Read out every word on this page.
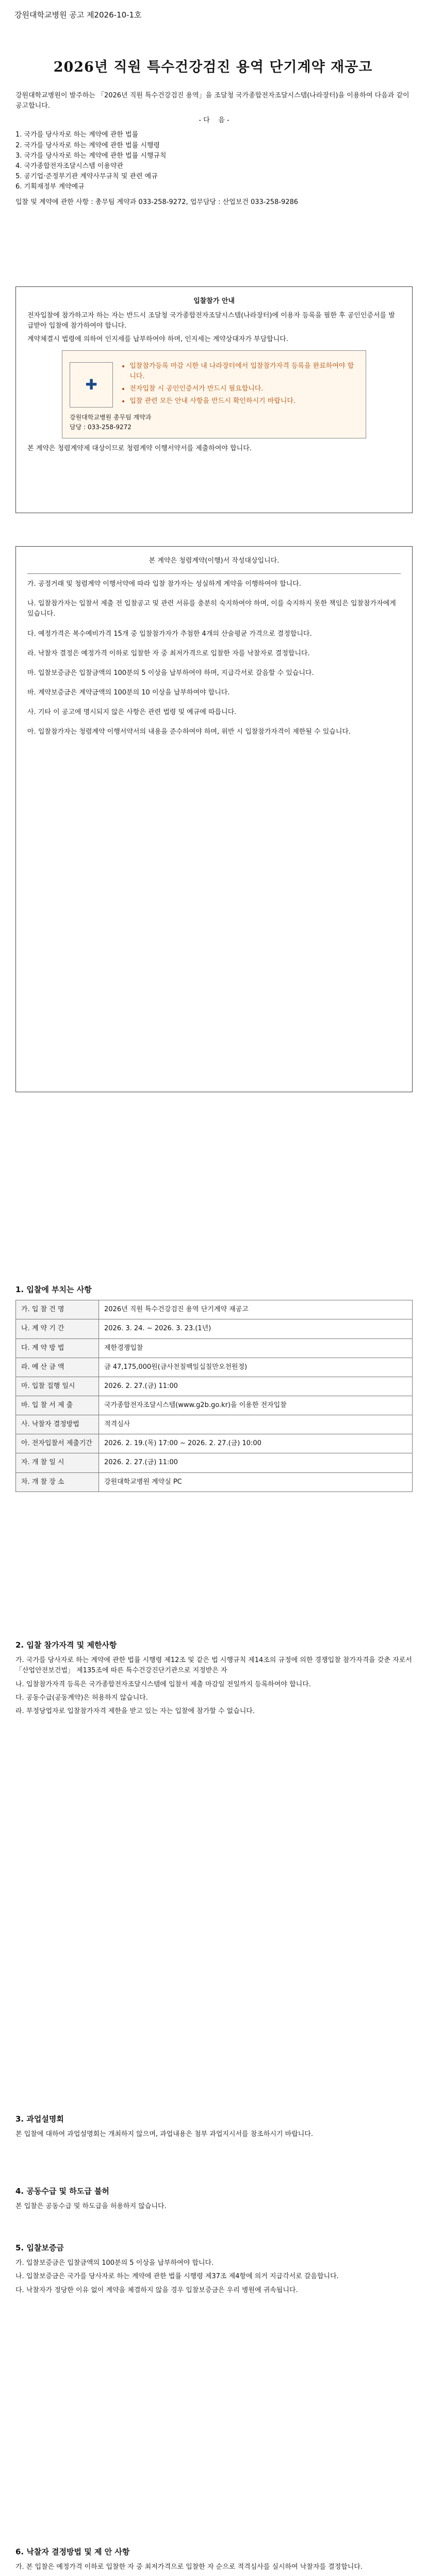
강원대학교병원 공고 제2026-10-1호
2026년 직원 특수건강검진 용역 단기계약 재공고

강원대학교병원이 발주하는 「2026년 직원 특수건강검진 용역」을 조달청 국가종합전자조달시스템(나라장터)을 이용하여 다음과 같이 공고합니다.

- 다    음 -
1. 국가를 당사자로 하는 계약에 관한 법률
2. 국가를 당사자로 하는 계약에 관한 법률 시행령
3. 국가를 당사자로 하는 계약에 관한 법률 시행규칙
4. 국가종합전자조달시스템 이용약관
5. 공기업·준정부기관 계약사무규칙 및 관련 예규
6. 기획재정부 계약예규

입찰 및 계약에 관한 사항 : 총무팀 계약과 033-258-9272, 업무담당 : 산업보건 033-258-9286

입찰참가 안내

전자입찰에 참가하고자 하는 자는 반드시 조달청 국가종합전자조달시스템(나라장터)에 이용자 등록을 필한 후 공인인증서를 발급받아 입찰에 참가하여야 합니다.

계약체결시 법령에 의하여 인지세를 납부하여야 하며, 인지세는 계약상대자가 부담합니다.

✚
• 입찰참가등록 마감 시한 내 나라장터에서 입찰참가자격 등록을 완료하여야 합니다.
• 전자입찰 시 공인인증서가 반드시 필요합니다.
• 입찰 관련 모든 안내 사항을 반드시 확인하시기 바랍니다.
강원대학교병원 총무팀 계약과
담당 : 033-258-9272

본 계약은 청렴계약제 대상이므로 청렴계약 이행서약서를 제출하여야 합니다.

본 계약은 청렴계약(이행)서 작성대상입니다.

가. 공정거래 및 청렴계약 이행서약에 따라 입찰 참가자는 성실하게 계약을 이행하여야 합니다.

나. 입찰참가자는 입찰서 제출 전 입찰공고 및 관련 서류를 충분히 숙지하여야 하며, 이를 숙지하지 못한 책임은 입찰참가자에게 있습니다.

다. 예정가격은 복수예비가격 15개 중 입찰참가자가 추첨한 4개의 산술평균 가격으로 결정합니다.

라. 낙찰자 결정은 예정가격 이하로 입찰한 자 중 최저가격으로 입찰한 자를 낙찰자로 결정합니다.

마. 입찰보증금은 입찰금액의 100분의 5 이상을 납부하여야 하며, 지급각서로 갈음할 수 있습니다.

바. 계약보증금은 계약금액의 100분의 10 이상을 납부하여야 합니다.

사. 기타 이 공고에 명시되지 않은 사항은 관련 법령 및 예규에 따릅니다.

아. 입찰참가자는 청렴계약 이행서약서의 내용을 준수하여야 하며, 위반 시 입찰참가자격이 제한될 수 있습니다.

1. 입찰에 부치는 사항
가. 입 찰 건 명	2026년 직원 특수건강검진 용역 단기계약 재공고
나. 계 약 기 간	2026. 3. 24. ~ 2026. 3. 23.(1년)
다. 계 약 방 법	제한경쟁입찰
라. 예 산 금 액	금 47,175,000원(금사천칠백일십칠만오천원정)
마. 입찰 집행 일시	2026. 2. 27.(금) 11:00
바. 입 찰 서 제 출	국가종합전자조달시스템(www.g2b.go.kr)을 이용한 전자입찰
사. 낙찰자 결정방법	적격심사
아. 전자입찰서 제출기간	2026. 2. 19.(목) 17:00 ~ 2026. 2. 27.(금) 10:00
자. 개 찰 일 시	2026. 2. 27.(금) 11:00
차. 개 찰 장 소	강원대학교병원 계약실 PC
2. 입찰 참가자격 및 제한사항

가. 국가를 당사자로 하는 계약에 관한 법률 시행령 제12조 및 같은 법 시행규칙 제14조의 규정에 의한 경쟁입찰 참가자격을 갖춘 자로서 「산업안전보건법」 제135조에 따른 특수건강진단기관으로 지정받은 자

나. 입찰참가자격 등록은 국가종합전자조달시스템에 입찰서 제출 마감일 전일까지 등록하여야 합니다.

다. 공동수급(공동계약)은 허용하지 않습니다.

라. 부정당업자로 입찰참가자격 제한을 받고 있는 자는 입찰에 참가할 수 없습니다.

3. 과업설명회

본 입찰에 대하여 과업설명회는 개최하지 않으며, 과업내용은 첨부 과업지시서를 참조하시기 바랍니다.

4. 공동수급 및 하도급 불허

본 입찰은 공동수급 및 하도급을 허용하지 않습니다.

5. 입찰보증금

가. 입찰보증금은 입찰금액의 100분의 5 이상을 납부하여야 합니다.

나. 입찰보증금은 국가를 당사자로 하는 계약에 관한 법률 시행령 제37조 제4항에 의거 지급각서로 갈음합니다.

다. 낙찰자가 정당한 이유 없이 계약을 체결하지 않을 경우 입찰보증금은 우리 병원에 귀속됩니다.

6. 낙찰자 결정방법 및 제 안 사항

가. 본 입찰은 예정가격 이하로 입찰한 자 중 최저가격으로 입찰한 자 순으로 적격심사를 실시하여 낙찰자를 결정합니다.
